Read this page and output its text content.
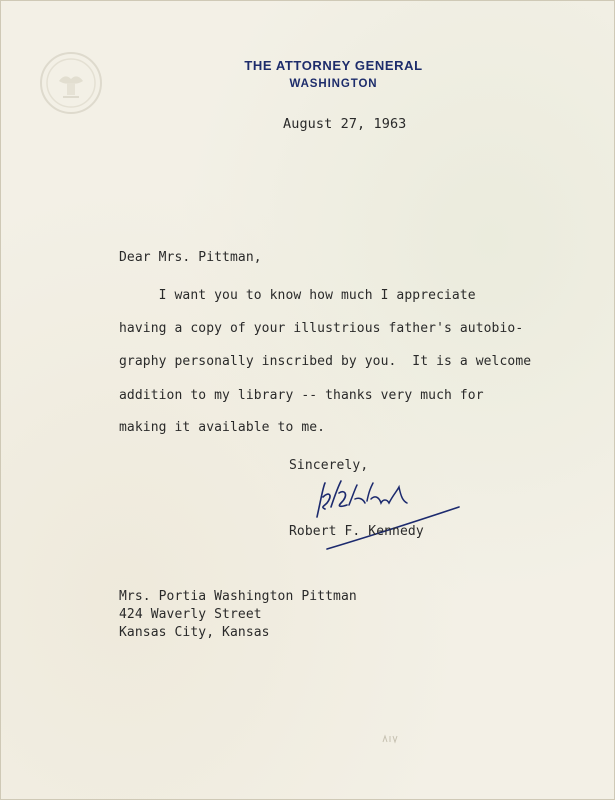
THE ATTORNEY GENERAL
WASHINGTON
August 27, 1963
Dear Mrs. Pittman,
I want you to know how much I appreciate
having a copy of your illustrious father's autobio-
graphy personally inscribed by you.  It is a welcome
addition to my library -- thanks very much for
making it available to me.
Sincerely,
Robert F. Kennedy
Mrs. Portia Washington Pittman
424 Waverly Street
Kansas City, Kansas
